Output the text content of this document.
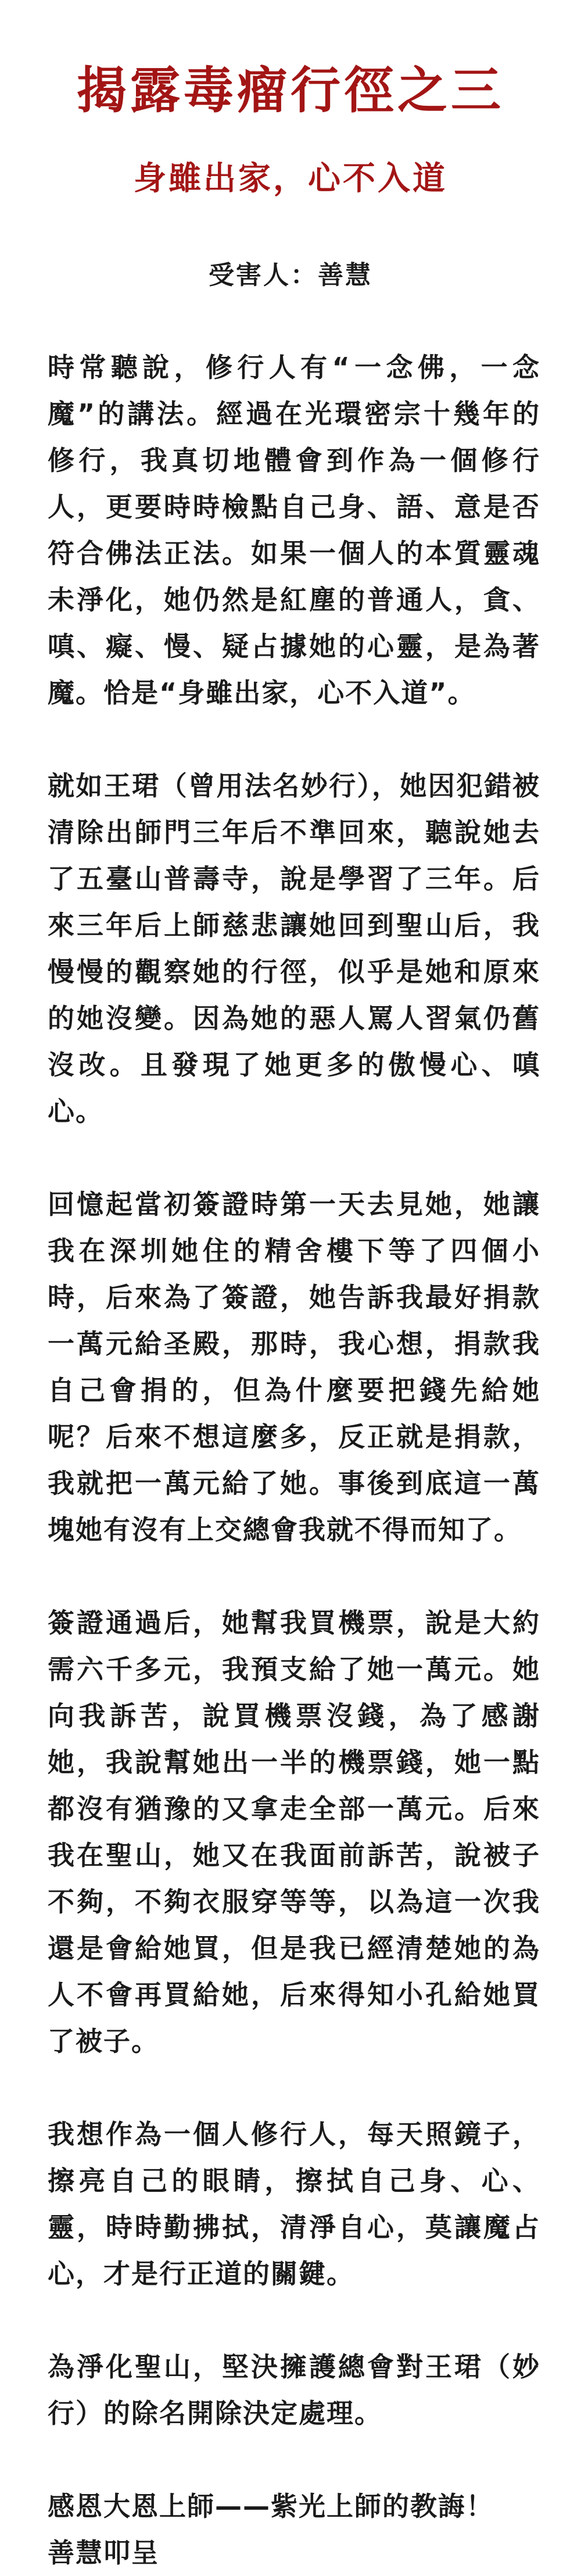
揭露毒瘤行徑之三
身雖出家，心不入道

受害人：善慧

時常聽說，修行人有“一念佛，一念魔”的講法。經過在光環密宗十幾年的修行，我真切地體會到作為一個修行人，更要時時檢點自己身、語、意是否符合佛法正法。如果一個人的本質靈魂未淨化，她仍然是紅塵的普通人，貪、嗔、癡、慢、疑占據她的心靈，是為著魔。恰是“身雖出家，心不入道”。

就如王珺（曾用法名妙行），她因犯錯被清除出師門三年后不準回來，聽說她去了五臺山普壽寺，說是學習了三年。后來三年后上師慈悲讓她回到聖山后，我慢慢的觀察她的行徑，似乎是她和原來的她沒變。因為她的惡人罵人習氣仍舊沒改。且發現了她更多的傲慢心、嗔心。

回憶起當初簽證時第一天去見她，她讓我在深圳她住的精舍樓下等了四個小時，后來為了簽證，她告訴我最好捐款一萬元給圣殿，那時，我心想，捐款我自己會捐的，但為什麼要把錢先給她呢？后來不想這麼多，反正就是捐款，我就把一萬元給了她。事後到底這一萬塊她有沒有上交總會我就不得而知了。

簽證通過后，她幫我買機票，說是大約需六千多元，我預支給了她一萬元。她向我訴苦，說買機票沒錢，為了感謝她，我說幫她出一半的機票錢，她一點都沒有猶豫的又拿走全部一萬元。后來我在聖山，她又在我面前訴苦，說被子不夠，不夠衣服穿等等，以為這一次我還是會給她買，但是我已經清楚她的為人不會再買給她，后來得知小孔給她買了被子。

我想作為一個人修行人，每天照鏡子，擦亮自己的眼睛，擦拭自己身、心、靈，時時勤拂拭，清淨自心，莫讓魔占心，才是行正道的關鍵。

為淨化聖山，堅決擁護總會對王珺（妙行）的除名開除決定處理。

感恩大恩上師——紫光上師的教誨！

善慧叩呈
